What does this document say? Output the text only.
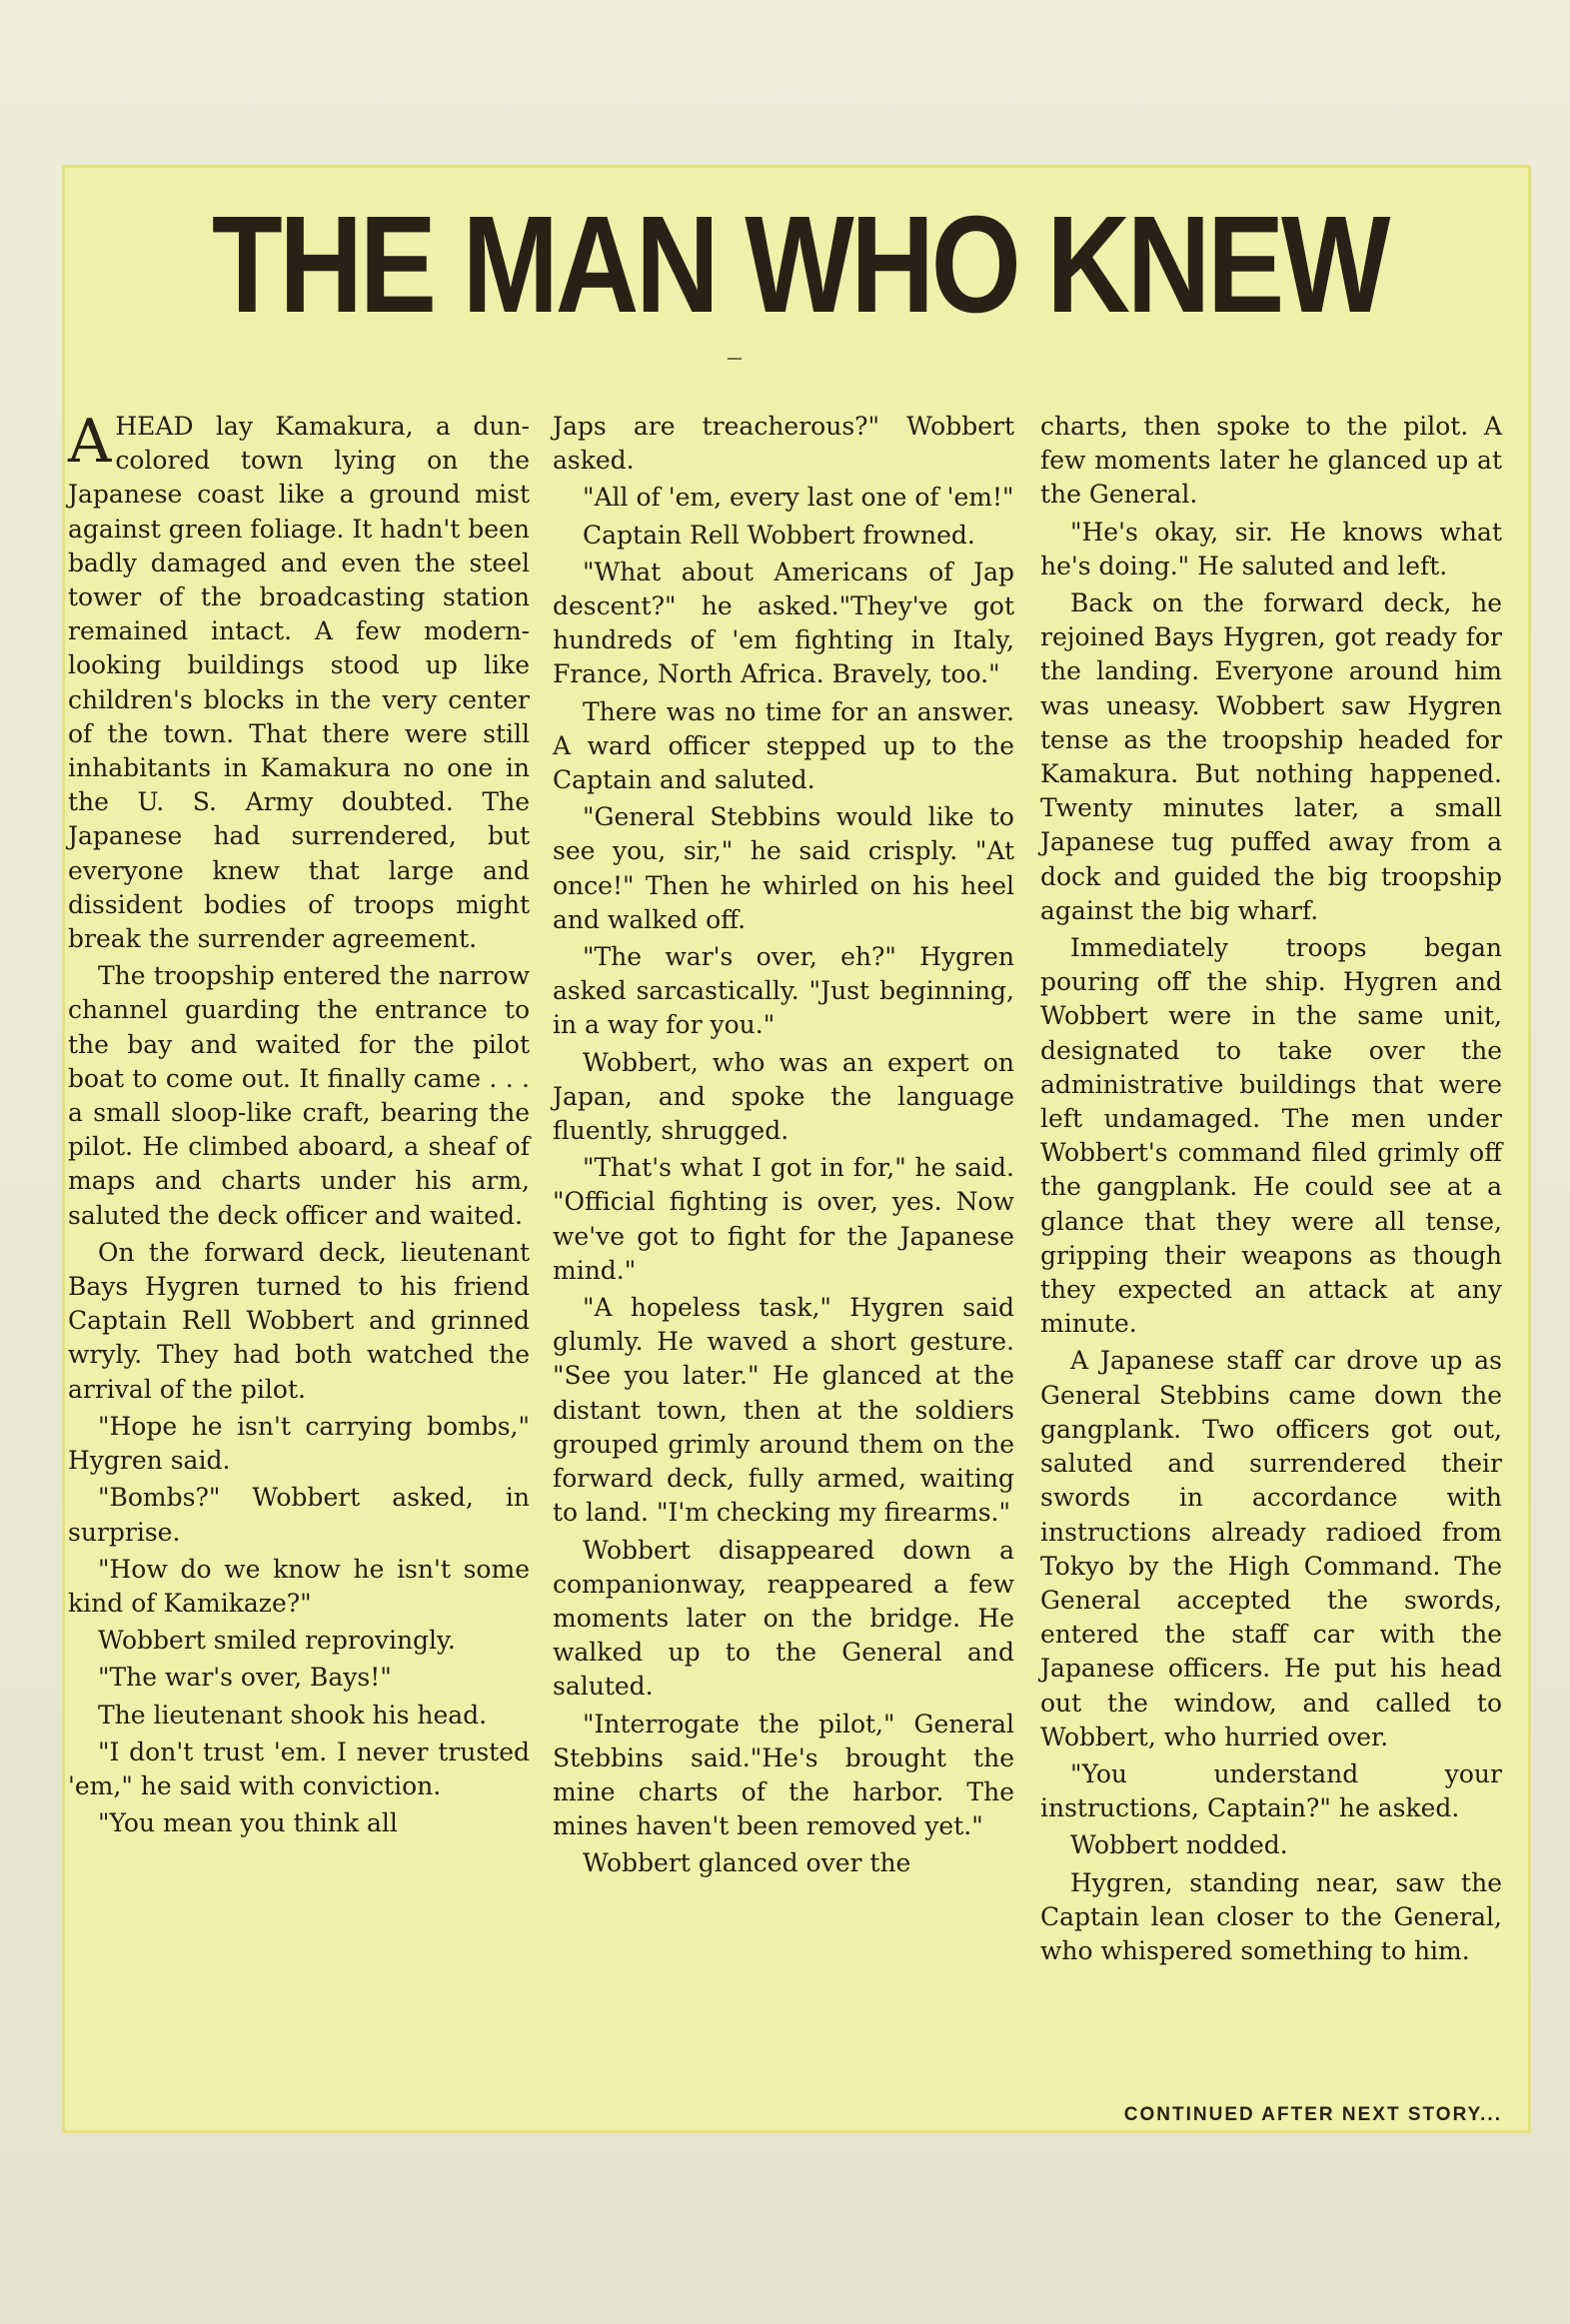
THE MAN WHO KNEW

AHEAD lay Kamakura, a dun-colored town lying on the Japanese coast like a ground mist against green foliage. It hadn't been badly damaged and even the steel tower of the broadcasting station remained intact. A few modern-looking buildings stood up like children's blocks in the very center of the town. That there were still inhabitants in Kamakura no one in the U. S. Army doubted. The Japanese had surrendered, but everyone knew that large and dissident bodies of troops might break the surrender agreement.

The troopship entered the narrow channel guarding the entrance to the bay and waited for the pilot boat to come out. It finally came . . . a small sloop-like craft, bearing the pilot. He climbed aboard, a sheaf of maps and charts under his arm, saluted the deck officer and waited.

On the forward deck, lieutenant Bays Hygren turned to his friend Captain Rell Wobbert and grinned wryly. They had both watched the arrival of the pilot.

"Hope he isn't carrying bombs," Hygren said.

"Bombs?" Wobbert asked, in surprise.

"How do we know he isn't some kind of Kamikaze?"

Wobbert smiled reprovingly.

"The war's over, Bays!"

The lieutenant shook his head.

"I don't trust 'em. I never trusted 'em," he said with conviction.

"You mean you think all

Japs are treacherous?" Wobbert asked.

"All of 'em, every last one of 'em!"

Captain Rell Wobbert frowned.

"What about Americans of Jap descent?" he asked."They've got hundreds of 'em fighting in Italy, France, North Africa. Bravely, too."

There was no time for an answer. A ward officer stepped up to the Captain and saluted.

"General Stebbins would like to see you, sir," he said crisply. "At once!" Then he whirled on his heel and walked off.

"The war's over, eh?" Hygren asked sarcastically. "Just beginning, in a way for you."

Wobbert, who was an expert on Japan, and spoke the language fluently, shrugged.

"That's what I got in for," he said. "Official fighting is over, yes. Now we've got to fight for the Japanese mind."

"A hopeless task," Hygren said glumly. He waved a short gesture. "See you later." He glanced at the distant town, then at the soldiers grouped grimly around them on the forward deck, fully armed, waiting to land. "I'm checking my firearms."

Wobbert disappeared down a companionway, reappeared a few moments later on the bridge. He walked up to the General and saluted.

"Interrogate the pilot," General Stebbins said."He's brought the mine charts of the harbor. The mines haven't been removed yet."

Wobbert glanced over the

charts, then spoke to the pilot. A few moments later he glanced up at the General.

"He's okay, sir. He knows what he's doing." He saluted and left.

Back on the forward deck, he rejoined Bays Hygren, got ready for the landing. Everyone around him was uneasy. Wobbert saw Hygren tense as the troopship headed for Kamakura. But nothing happened. Twenty minutes later, a small Japanese tug puffed away from a dock and guided the big troopship against the big wharf.

Immediately troops began pouring off the ship. Hygren and Wobbert were in the same unit, designated to take over the administrative buildings that were left undamaged. The men under Wobbert's command filed grimly off the gangplank. He could see at a glance that they were all tense, gripping their weapons as though they expected an attack at any minute.

A Japanese staff car drove up as General Stebbins came down the gangplank. Two officers got out, saluted and surrendered their swords in accordance with instructions already radioed from Tokyo by the High Command. The General accepted the swords, entered the staff car with the Japanese officers. He put his head out the window, and called to Wobbert, who hurried over.

"You understand your instructions, Captain?" he asked.

Wobbert nodded.

Hygren, standing near, saw the Captain lean closer to the General, who whispered something to him.

CONTINUED AFTER NEXT STORY...
